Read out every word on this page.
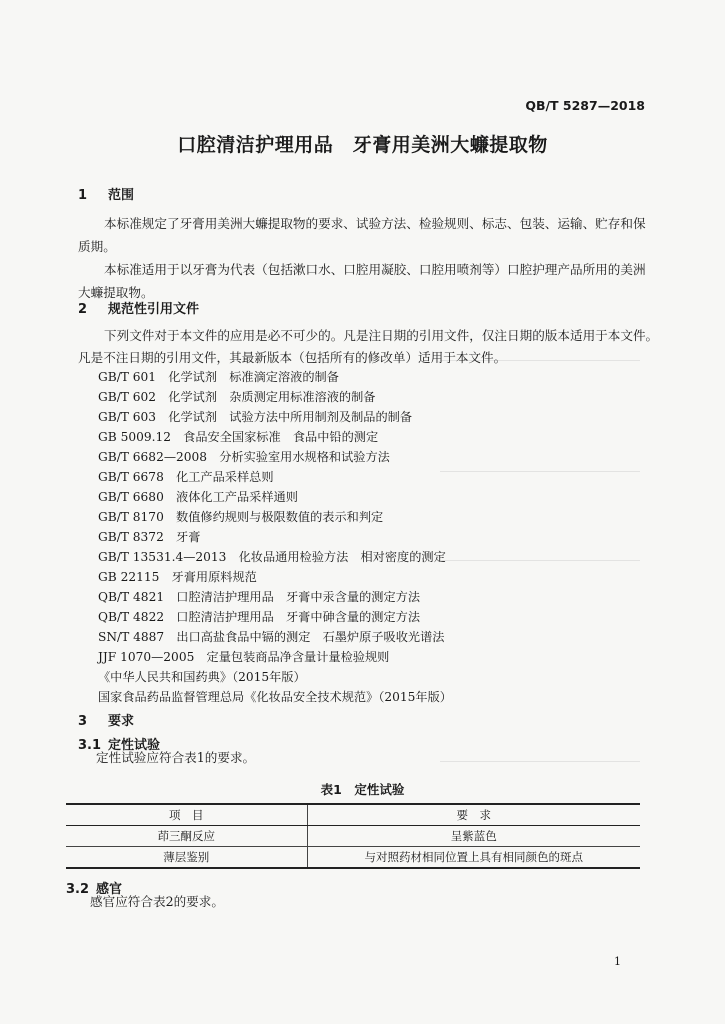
QB/T 5287—2018
口腔清洁护理用品　牙膏用美洲大蠊提取物
1 范围
本标准规定了牙膏用美洲大蠊提取物的要求、试验方法、检验规则、标志、包装、运输、贮存和保
质期。
本标准适用于以牙膏为代表（包括漱口水、口腔用凝胶、口腔用喷剂等）口腔护理产品所用的美洲
大蠊提取物。
2 规范性引用文件
下列文件对于本文件的应用是必不可少的。凡是注日期的引用文件，仅注日期的版本适用于本文件。
凡是不注日期的引用文件，其最新版本（包括所有的修改单）适用于本文件。
GB/T 601　化学试剂　标准滴定溶液的制备
GB/T 602　化学试剂　杂质测定用标准溶液的制备
GB/T 603　化学试剂　试验方法中所用制剂及制品的制备
GB 5009.12　食品安全国家标准　食品中铅的测定
GB/T 6682—2008　分析实验室用水规格和试验方法
GB/T 6678　化工产品采样总则
GB/T 6680　液体化工产品采样通则
GB/T 8170　数值修约规则与极限数值的表示和判定
GB/T 8372　牙膏
GB/T 13531.4—2013　化妆品通用检验方法　相对密度的测定
GB 22115　牙膏用原料规范
QB/T 4821　口腔清洁护理用品　牙膏中汞含量的测定方法
QB/T 4822　口腔清洁护理用品　牙膏中砷含量的测定方法
SN/T 4887　出口高盐食品中镉的测定　石墨炉原子吸收光谱法
JJF 1070—2005　定量包装商品净含量计量检验规则
《中华人民共和国药典》（2015年版）
国家食品药品监督管理总局《化妆品安全技术规范》（2015年版）
3 要求
3.1 定性试验
定性试验应符合表1的要求。
表1　定性试验
项　目	要　求
茚三酮反应	呈紫蓝色
薄层鉴别	与对照药材相同位置上具有相同颜色的斑点
3.2 感官
感官应符合表2的要求。
1
